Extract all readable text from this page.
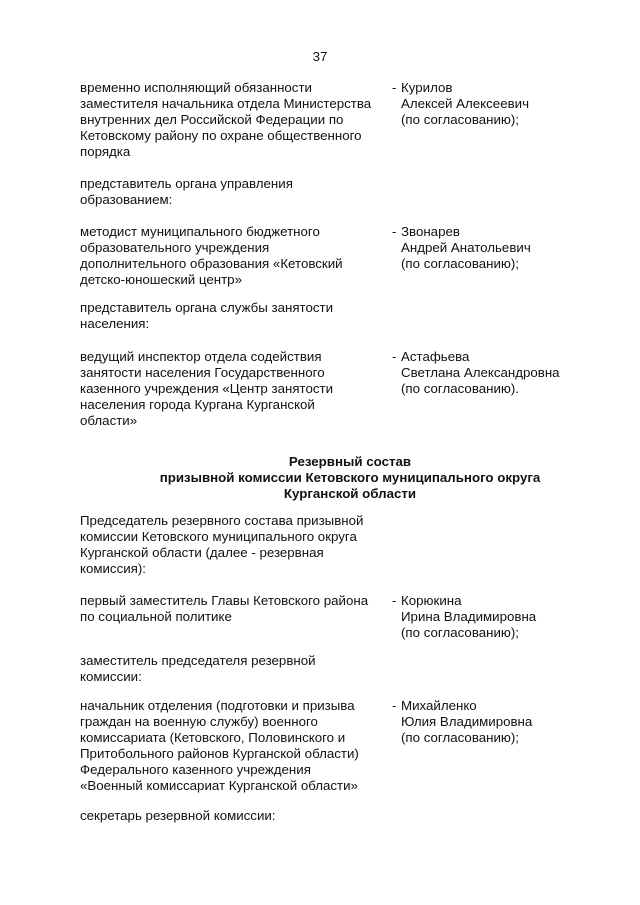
37
временно исполняющий обязанности
заместителя начальника отдела Министерства
внутренних дел Российской Федерации по
Кетовскому району по охране общественного
порядка
- Курилов
Алексей Алексеевич
(по согласованию);
представитель органа управления
образованием:
методист муниципального бюджетного
образовательного учреждения
дополнительного образования «Кетовский
детско-юношеский центр»
- Звонарев
Андрей Анатольевич
(по согласованию);
представитель органа службы занятости
населения:
ведущий инспектор отдела содействия
занятости населения Государственного
казенного учреждения «Центр занятости
населения города Кургана Курганской
области»
- Астафьева
Светлана Александровна
(по согласованию).
Резервный состав
призывной комиссии Кетовского муниципального округа
Курганской области
Председатель резервного состава призывной
комиссии Кетовского муниципального округа
Курганской области (далее - резервная
комиссия):
первый заместитель Главы Кетовского района
по социальной политике
- Корюкина
Ирина Владимировна
(по согласованию);
заместитель председателя резервной
комиссии:
начальник отделения (подготовки и призыва
граждан на военную службу) военного
комиссариата (Кетовского, Половинского и
Притобольного районов Курганской области)
Федерального казенного учреждения
«Военный комиссариат Курганской области»
- Михайленко
Юлия Владимировна
(по согласованию);
секретарь резервной комиссии:
